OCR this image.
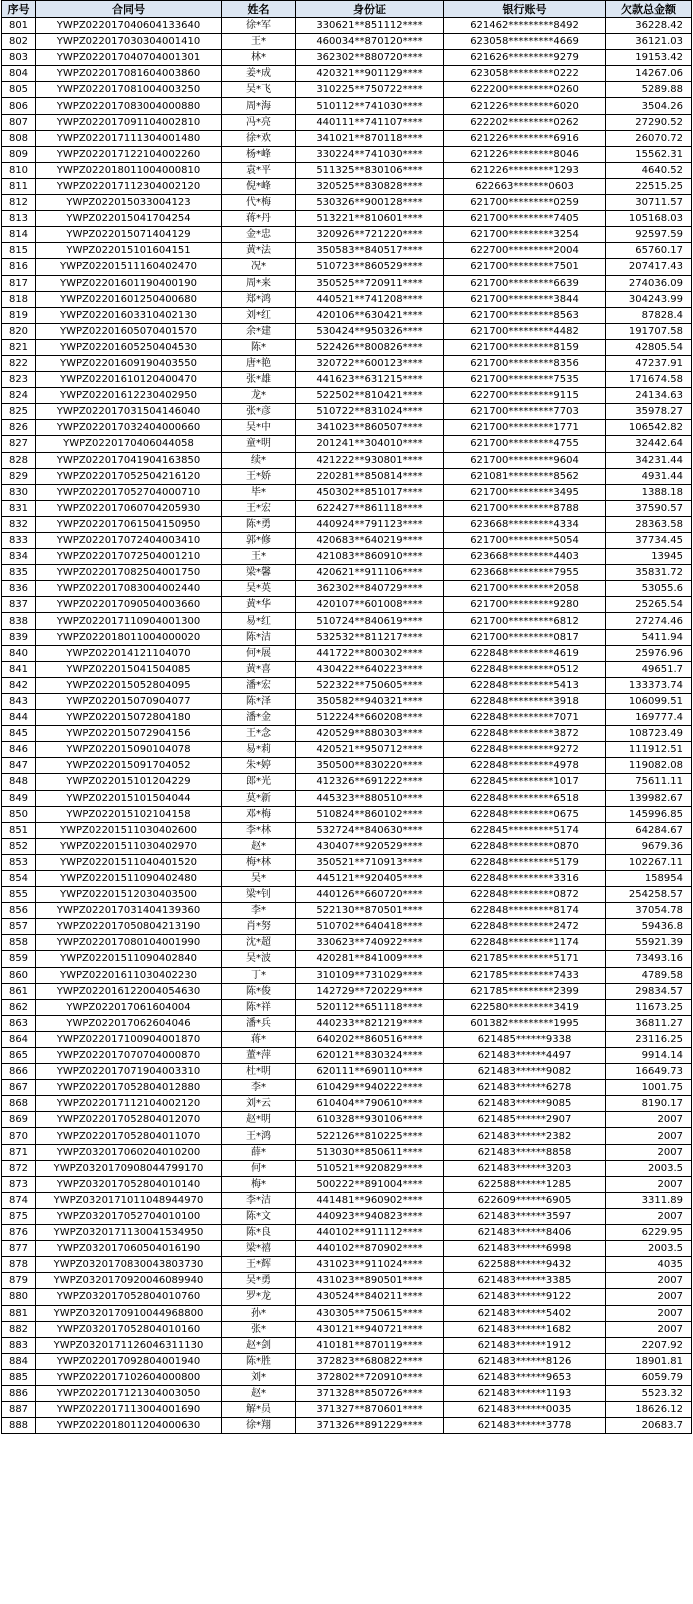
序号	合同号	姓名	身份证	银行账号	欠款总金额
801	YWPZ022017040604133640	徐*军	330621**851112****	621462*********8492	36228.42
802	YWPZ022017030304001410	王*	460034**870120****	623058*********4669	36121.03
803	YWPZ022017040704001301	林*	362302**880720****	621626*********9279	19153.42
804	YWPZ022017081604003860	姜*成	420321**901129****	623058*********0222	14267.06
805	YWPZ022017081004003250	吴*飞	310225**750722****	622200*********0260	5289.88
806	YWPZ022017083004000880	周*海	510112**741030****	621226*********6020	3504.26
807	YWPZ022017091104002810	冯*亮	440111**741107****	622202*********0262	27290.52
808	YWPZ022017111304001480	徐*欢	341021**870118****	621226*********6916	26070.72
809	YWPZ022017122104002260	杨*峰	330224**741030****	621226*********8046	15562.31
810	YWPZ022018011004000810	袁*平	511325**830106****	621226*********1293	4640.52
811	YWPZ022017112304002120	倪*峰	320525**830828****	622663*******0603	22515.25
812	YWPZ022015033004123	代*梅	530326**900128****	621700*********0259	30711.57
813	YWPZ022015041704254	蒋*丹	513221**810601****	621700*********7405	105168.03
814	YWPZ022015071404129	金*忠	320926**721220****	621700*********3254	92597.59
815	YWPZ022015101604151	黄*法	350583**840517****	622700*********2004	65760.17
816	YWPZ02201511160402470	况*	510723**860529****	621700*********7501	207417.43
817	YWPZ02201601190400190	周*来	350525**720911****	621700*********6639	274036.09
818	YWPZ02201601250400680	郑*鸿	440521**741208****	621700*********3844	304243.99
819	YWPZ02201603310402130	刘*红	420106**630421****	621700*********8563	87828.4
820	YWPZ02201605070401570	余*建	530424**950326****	621700*********4482	191707.58
821	YWPZ02201605250404530	陈*	522426**800826****	621700*********8159	42805.54
822	YWPZ02201609190403550	唐*艳	320722**600123****	621700*********8356	47237.91
823	YWPZ02201610120400470	张*雄	441623**631215****	621700*********7535	171674.58
824	YWPZ02201612230402950	龙*	522502**810421****	622700*********9115	24134.63
825	YWPZ022017031504146040	张*彦	510722**831024****	621700*********7703	35978.27
826	YWPZ022017032404000660	吴*中	341023**860507****	621700*********1771	106542.82
827	YWPZ0220170406044058	童*明	201241**304010****	621700*********4755	32442.64
828	YWPZ022017041904163850	续*	421222**930801****	621700*********9604	34231.44
829	YWPZ022017052504216120	王*娇	220281**850814****	621081*********8562	4931.44
830	YWPZ022017052704000710	毕*	450302**851017****	621700*********3495	1388.18
831	YWPZ022017060704205930	王*宏	622427**861118****	621700*********8788	37590.57
832	YWPZ022017061504150950	陈*勇	440924**791123****	623668*********4334	28363.58
833	YWPZ022017072404003410	郭*修	420683**640219****	621700*********5054	37734.45
834	YWPZ022017072504001210	王*	421083**860910****	623668*********4403	13945
835	YWPZ022017082504001750	梁*馨	420621**911106****	623668*********7955	35831.72
836	YWPZ022017083004002440	吴*英	362302**840729****	621700*********2058	53055.6
837	YWPZ022017090504003660	黄*华	420107**601008****	621700*********9280	25265.54
838	YWPZ022017110904001300	易*红	510724**840619****	621700*********6812	27274.46
839	YWPZ022018011004000020	陈*洁	532532**811217****	621700*********0817	5411.94
840	YWPZ022014121104070	何*展	441722**800302****	622848*********4619	25976.96
841	YWPZ022015041504085	黄*喜	430422**640223****	622848*********0512	49651.7
842	YWPZ022015052804095	潘*宏	522322**750605****	622848*********5413	133373.74
843	YWPZ022015070904077	陈*泽	350582**940321****	622848*********3918	106099.51
844	YWPZ022015072804180	潘*金	512224**660208****	622848*********7071	169777.4
845	YWPZ022015072904156	王*念	420529**880303****	622848*********3872	108723.49
846	YWPZ022015090104078	易*莉	420521**950712****	622848*********9272	111912.51
847	YWPZ022015091704052	朱*婷	350500**830220****	622848*********4978	119082.08
848	YWPZ022015101204229	郎*光	412326**691222****	622845*********1017	75611.11
849	YWPZ022015101504044	莫*新	445323**880510****	622848*********6518	139982.67
850	YWPZ022015102104158	邓*梅	510824**860102****	622848*********0675	145996.85
851	YWPZ02201511030402600	李*林	532724**840630****	622845*********5174	64284.67
852	YWPZ02201511030402970	赵*	430407**920529****	622848*********0870	9679.36
853	YWPZ02201511040401520	梅*林	350521**710913****	622848*********5179	102267.11
854	YWPZ02201511090402480	吴*	445121**920405****	622848*********3316	158954
855	YWPZ02201512030403500	梁*钊	440126**660720****	622848*********0872	254258.57
856	YWPZ022017031404139360	李*	522130**870501****	622848*********8174	37054.78
857	YWPZ022017050804213190	肖*努	510702**640418****	622848*********2472	59436.8
858	YWPZ022017080104001990	沈*超	330623**740922****	622848*********1174	55921.39
859	YWPZ02201511090402840	吴*波	420281**841009****	621785*********5171	73493.16
860	YWPZ02201611030402230	丁*	310109**731029****	621785*********7433	4789.58
861	YWPZ022016122004054630	陈*俊	142729**720229****	621785*********2399	29834.57
862	YWPZ022017061604004	陈*祥	520112**651118****	622580*********3419	11673.25
863	YWPZ022017062604046	潘*兵	440233**821219****	601382*********1995	36811.27
864	YWPZ022017100904001870	蒋*	640202**860516****	621485******9338	23116.25
865	YWPZ022017070704000870	董*萍	620121**830324****	621483******4497	9914.14
866	YWPZ022017071904003310	杜*明	620111**690110****	621483******9082	16649.73
867	YWPZ022017052804012880	李*	610429**940222****	621483******6278	1001.75
868	YWPZ022017112104002120	刘*云	610404**790610****	621483******9085	8190.17
869	YWPZ022017052804012070	赵*明	610328**930106****	621485******2907	2007
870	YWPZ022017052804011070	王*鸿	522126**810225****	621483******2382	2007
871	YWPZ032017060204010200	薛*	513030**850611****	621483******8858	2007
872	YWPZ0320170908044799170	何*	510521**920829****	621483******3203	2003.5
873	YWPZ032017052804010140	梅*	500222**891004****	622588******1285	2007
874	YWPZ0320171011048944970	李*洁	441481**960902****	622609******6905	3311.89
875	YWPZ032017052704010100	陈*文	440923**940823****	621483******3597	2007
876	YWPZ0320171130041534950	陈*良	440102**911112****	621483******8406	6229.95
877	YWPZ032017060504016190	梁*禧	440102**870902****	621483******6998	2003.5
878	YWPZ0320170830043803730	王*辉	431023**911024****	622588******9432	4035
879	YWPZ0320170920046089940	吴*勇	431023**890501****	621483******3385	2007
880	YWPZ032017052804010760	罗*龙	430524**840211****	621483******9122	2007
881	YWPZ0320170910044968800	孙*	430305**750615****	621483******5402	2007
882	YWPZ032017052804010160	张*	430121**940721****	621483******1682	2007
883	YWPZ0320171126046311130	赵*剑	410181**870119****	621483******1912	2207.92
884	YWPZ022017092804001940	陈*胜	372823**680822****	621483******8126	18901.81
885	YWPZ022017102604000800	刘*	372802**720910****	621483******9653	6059.79
886	YWPZ022017121304003050	赵*	371328**850726****	621483******1193	5523.32
887	YWPZ022017113004001690	解*员	371327**870601****	621483******0035	18626.12
888	YWPZ022018011204000630	徐*翔	371326**891229****	621483******3778	20683.7
